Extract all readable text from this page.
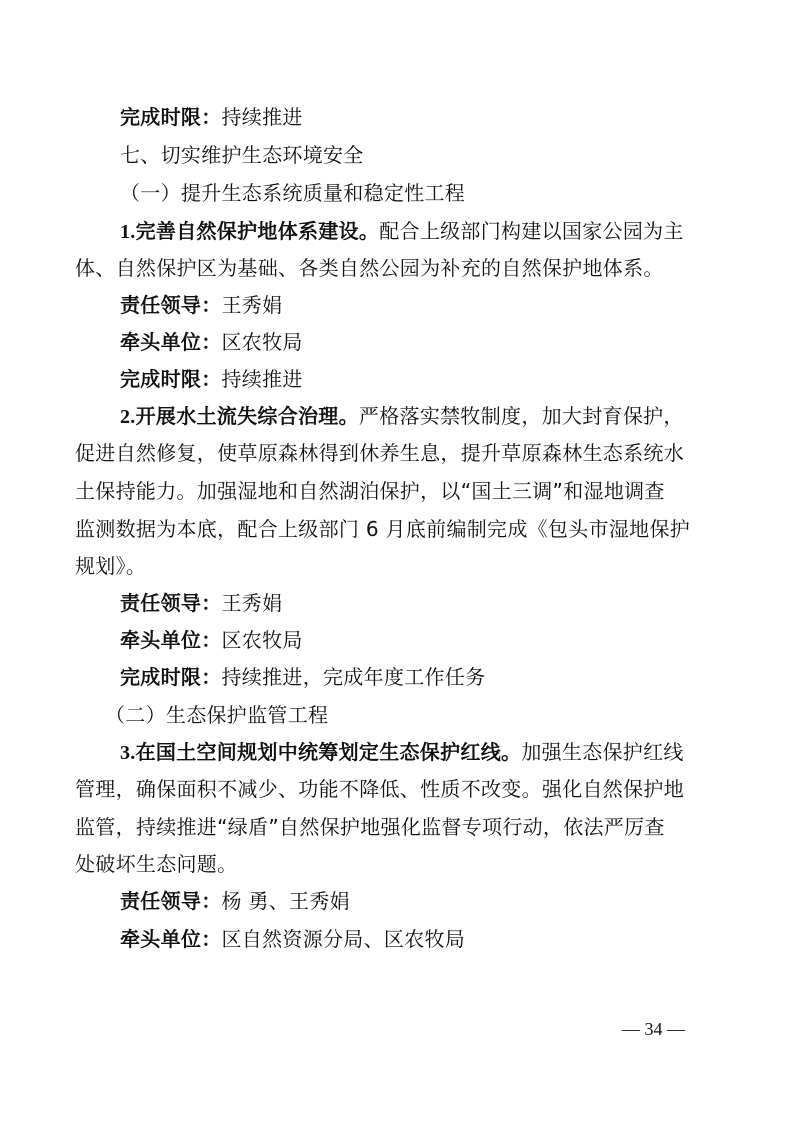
完成时限：持续推进
七、切实维护生态环境安全
（一）提升生态系统质量和稳定性工程
1.完善自然保护地体系建设。配合上级部门构建以国家公园为主
体、自然保护区为基础、各类自然公园为补充的自然保护地体系。
责任领导：王秀娟
牵头单位：区农牧局
完成时限：持续推进
2.开展水土流失综合治理。严格落实禁牧制度，加大封育保护，
促进自然修复，使草原森林得到休养生息，提升草原森林生态系统水
土保持能力。加强湿地和自然湖泊保护，以“国土三调”和湿地调查
监测数据为本底，配合上级部门 6 月底前编制完成《包头市湿地保护
规划》。
责任领导：王秀娟
牵头单位：区农牧局
完成时限：持续推进，完成年度工作任务
（二）生态保护监管工程
3.在国土空间规划中统筹划定生态保护红线。加强生态保护红线
管理，确保面积不减少、功能不降低、性质不改变。强化自然保护地
监管，持续推进“绿盾”自然保护地强化监督专项行动，依法严厉查
处破坏生态问题。
责任领导：杨 勇、王秀娟
牵头单位：区自然资源分局、区农牧局
— 34 —
